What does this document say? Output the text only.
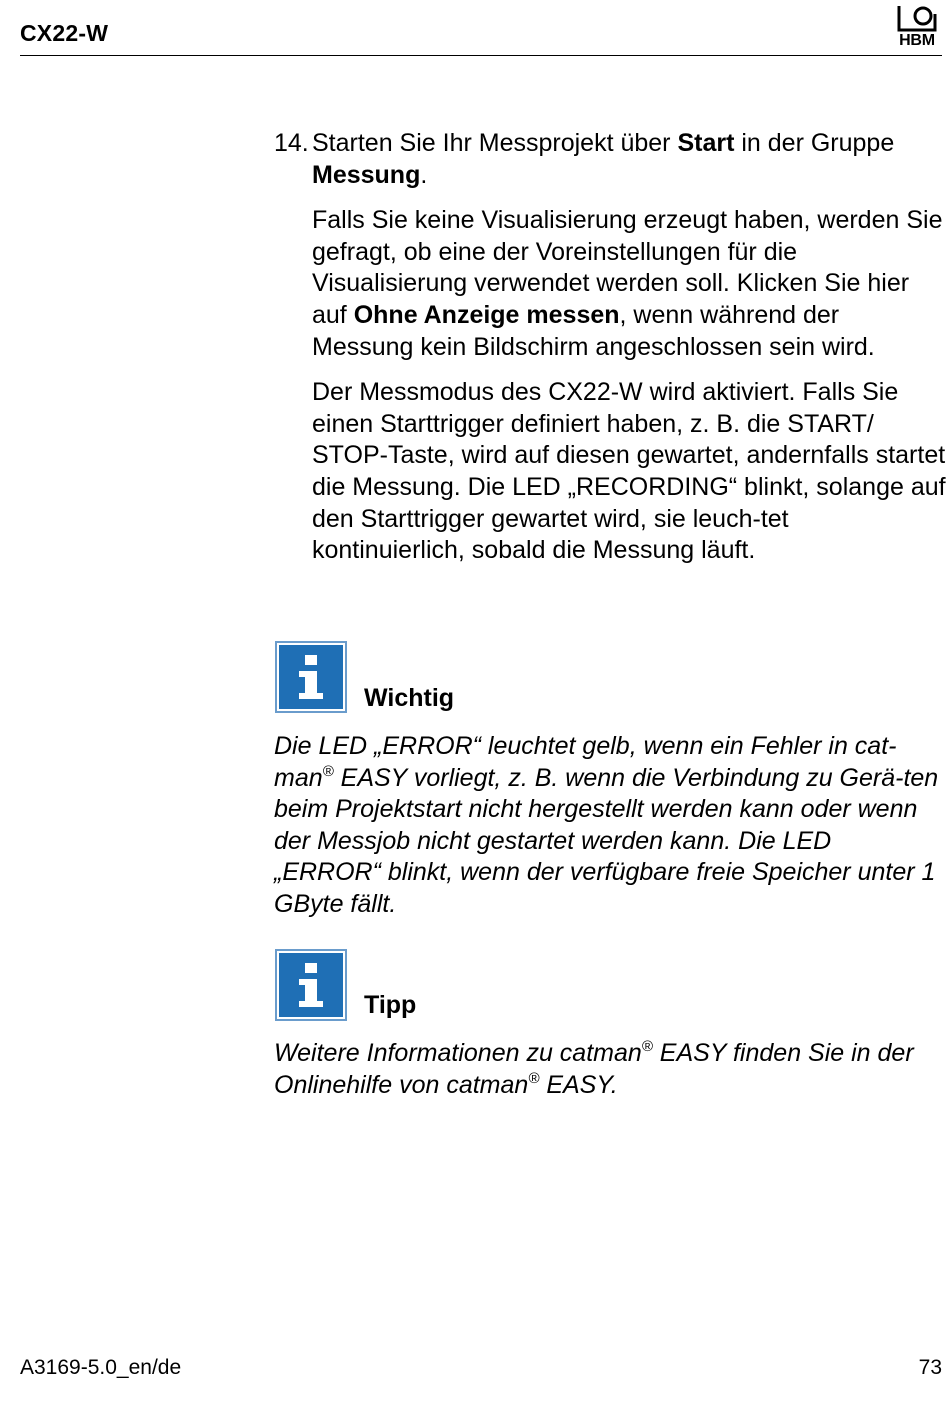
CX22-W	HBM
14. Starten Sie Ihr Messprojekt über Start in der Gruppe Messung.
Falls Sie keine Visualisierung erzeugt haben, werden Sie gefragt, ob eine der Voreinstellungen für die Visualisierung verwendet werden soll. Klicken Sie hier auf Ohne Anzeige messen, wenn während der Messung kein Bildschirm angeschlossen sein wird.
Der Messmodus des CX22-W wird aktiviert. Falls Sie einen Starttrigger definiert haben, z. B. die START/ STOP-Taste, wird auf diesen gewartet, andernfalls startet die Messung. Die LED „RECORDING“ blinkt, solange auf den Starttrigger gewartet wird, sie leuch-tet kontinuierlich, sobald die Messung läuft.
Wichtig
Die LED „ERROR“ leuchtet gelb, wenn ein Fehler in cat-man® EASY vorliegt, z. B. wenn die Verbindung zu Gerä-ten beim Projektstart nicht hergestellt werden kann oder wenn der Messjob nicht gestartet werden kann. Die LED „ERROR“ blinkt, wenn der verfügbare freie Speicher unter 1 GByte fällt.
Tipp
Weitere Informationen zu catman® EASY finden Sie in der Onlinehilfe von catman® EASY.
A3169-5.0_en/de	73
